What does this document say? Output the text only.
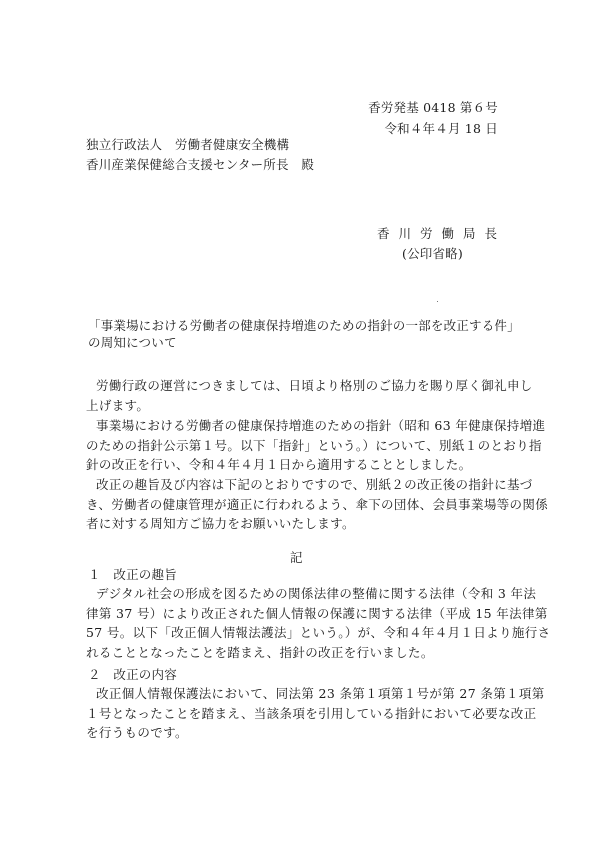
香労発基 0418 第６号
令和４年４月 18 日
独立行政法人　労働者健康安全機構
香川産業保健総合支援センター所長　殿
香川労働局長
(公印省略)
「事業場における労働者の健康保持増進のための指針の一部を改正する件」
の周知について
労働行政の運営につきましては、日頃より格別のご協力を賜り厚く御礼申し
上げます。
事業場における労働者の健康保持増進のための指針（昭和 63 年健康保持増進
のための指針公示第１号。以下「指針」という。）について、別紙１のとおり指
針の改正を行い、令和４年４月１日から適用することとしました。
改正の趣旨及び内容は下記のとおりですので、別紙２の改正後の指針に基づ
き、労働者の健康管理が適正に行われるよう、傘下の団体、会員事業場等の関係
者に対する周知方ご協力をお願いいたします。
記
１　改正の趣旨
デジタル社会の形成を図るための関係法律の整備に関する法律（令和 3 年法
律第 37 号）により改正された個人情報の保護に関する法律（平成 15 年法律第
57 号。以下「改正個人情報法護法」という。）が、令和４年４月１日より施行さ
れることとなったことを踏まえ、指針の改正を行いました。
２　改正の内容
改正個人情報保護法において、同法第 23 条第１項第１号が第 27 条第１項第
１号となったことを踏まえ、当該条項を引用している指針において必要な改正
を行うものです。
